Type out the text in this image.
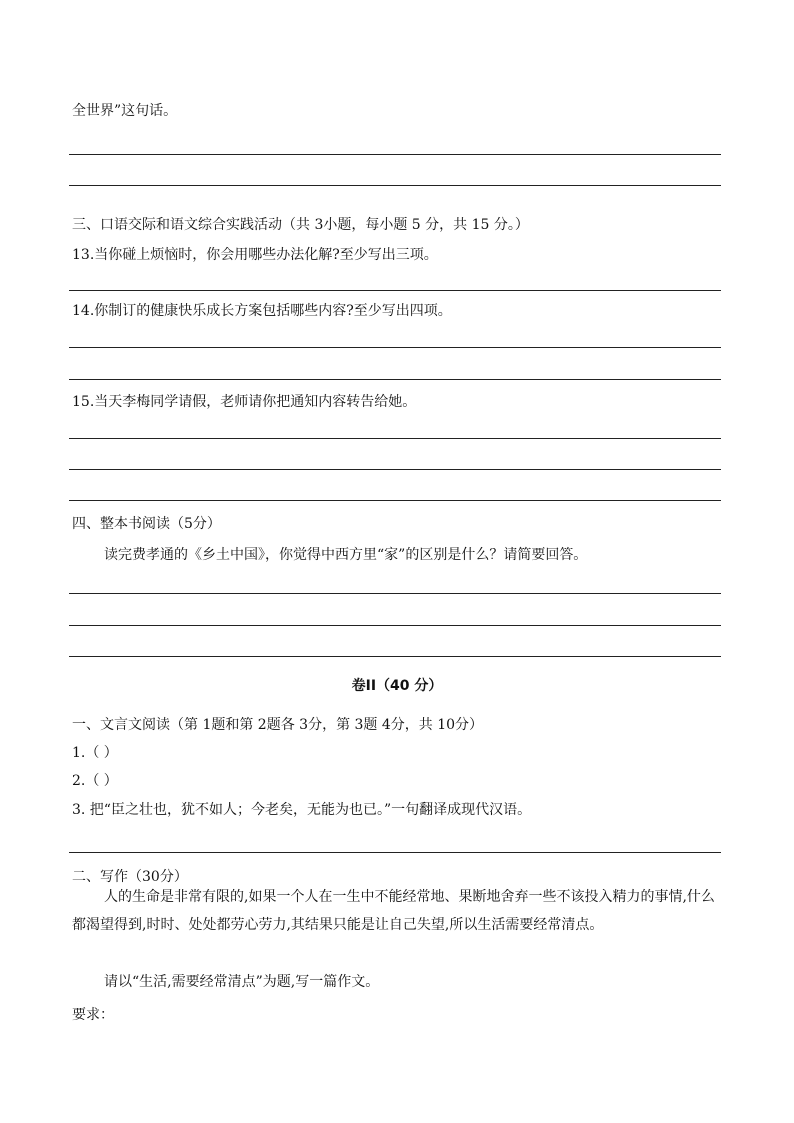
全世界”这句话。
三、口语交际和语文综合实践活动（共 3小题，每小题 5 分，共 15 分。）
13.当你碰上烦恼时，你会用哪些办法化解?至少写出三项。
14.你制订的健康快乐成长方案包括哪些内容?至少写出四项。
15.当天李梅同学请假，老师请你把通知内容转告给她。
四、整本书阅读（5分）
读完费孝通的《乡土中国》，你觉得中西方里“家”的区别是什么？请简要回答。
卷II（40 分）
一、文言文阅读（第 1题和第 2题各 3分，第 3题 4分，共 10分）
1.（ ）
2.（ ）
3. 把“臣之壮也，犹不如人；今老矣，无能为也已。”一句翻译成现代汉语。
二、写作（30分）
人的生命是非常有限的,如果一个人在一生中不能经常地、果断地舍弃一些不该投入精力的事情,什么都渴望得到,时时、处处都劳心劳力,其结果只能是让自己失望,所以生活需要经常清点。
请以“生活,需要经常清点”为题,写一篇作文。
要求：
